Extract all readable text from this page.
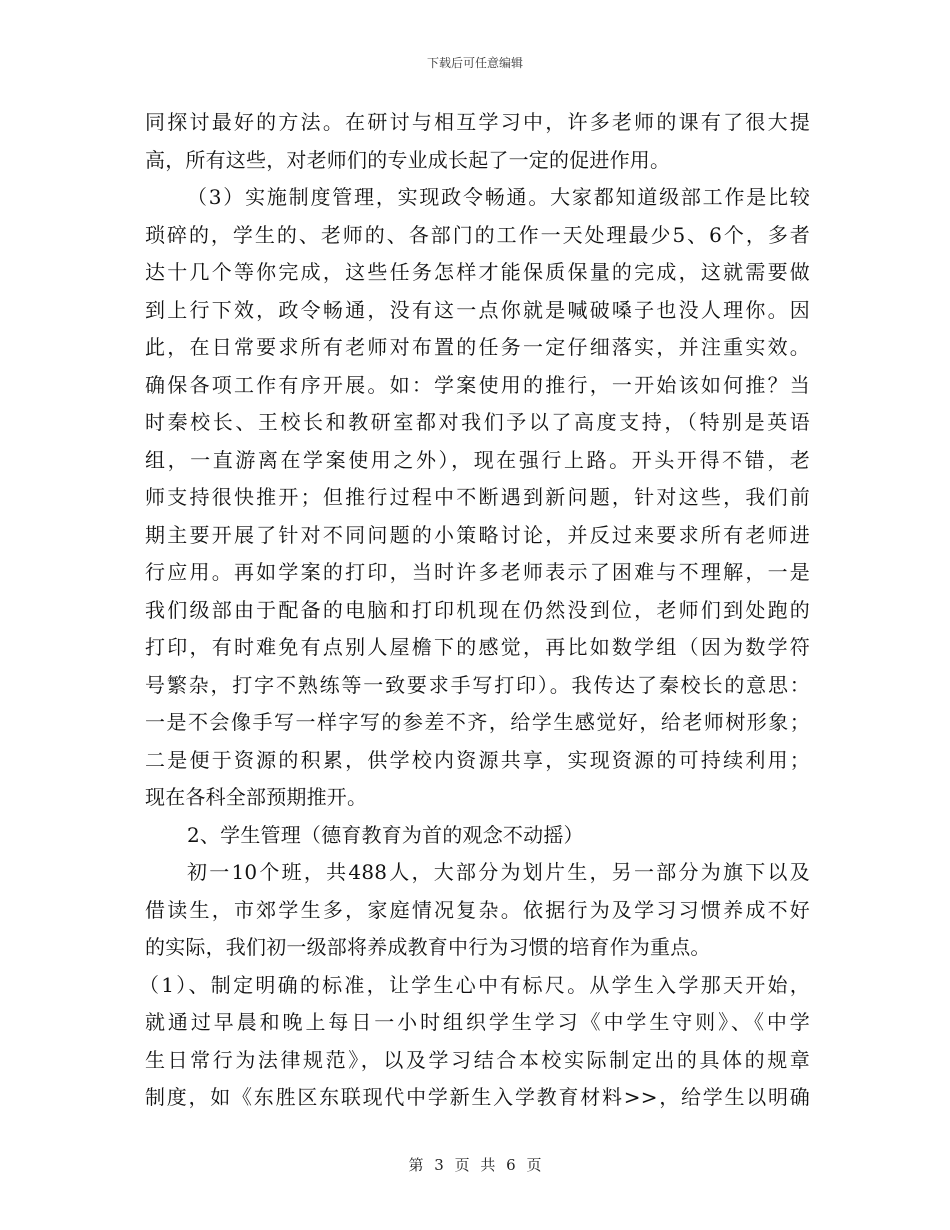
下载后可任意编辑
同探讨最好的方法。在研讨与相互学习中，许多老师的课有了很大提
高，所有这些，对老师们的专业成长起了一定的促进作用。
（3）实施制度管理，实现政令畅通。大家都知道级部工作是比较
琐碎的，学生的、老师的、各部门的工作一天处理最少5、6个，多者
达十几个等你完成，这些任务怎样才能保质保量的完成，这就需要做
到上行下效，政令畅通，没有这一点你就是喊破嗓子也没人理你。因
此，在日常要求所有老师对布置的任务一定仔细落实，并注重实效。
确保各项工作有序开展。如：学案使用的推行，一开始该如何推？当
时秦校长、王校长和教研室都对我们予以了高度支持，（特别是英语
组，一直游离在学案使用之外），现在强行上路。开头开得不错，老
师支持很快推开；但推行过程中不断遇到新问题，针对这些，我们前
期主要开展了针对不同问题的小策略讨论，并反过来要求所有老师进
行应用。再如学案的打印，当时许多老师表示了困难与不理解，一是
我们级部由于配备的电脑和打印机现在仍然没到位，老师们到处跑的
打印，有时难免有点别人屋檐下的感觉，再比如数学组（因为数学符
号繁杂，打字不熟练等一致要求手写打印）。我传达了秦校长的意思：
一是不会像手写一样字写的参差不齐，给学生感觉好，给老师树形象；
二是便于资源的积累，供学校内资源共享，实现资源的可持续利用；
现在各科全部预期推开。
2、学生管理（德育教育为首的观念不动摇）
初一10个班，共488人，大部分为划片生，另一部分为旗下以及
借读生，市郊学生多，家庭情况复杂。依据行为及学习习惯养成不好
的实际，我们初一级部将养成教育中行为习惯的培育作为重点。
（1）、制定明确的标准，让学生心中有标尺。从学生入学那天开始，
就通过早晨和晚上每日一小时组织学生学习《中学生守则》、《中学
生日常行为法律规范》，以及学习结合本校实际制定出的具体的规章
制度，如《东胜区东联现代中学新生入学教育材料>>，给学生以明确
第 3 页 共 6 页
